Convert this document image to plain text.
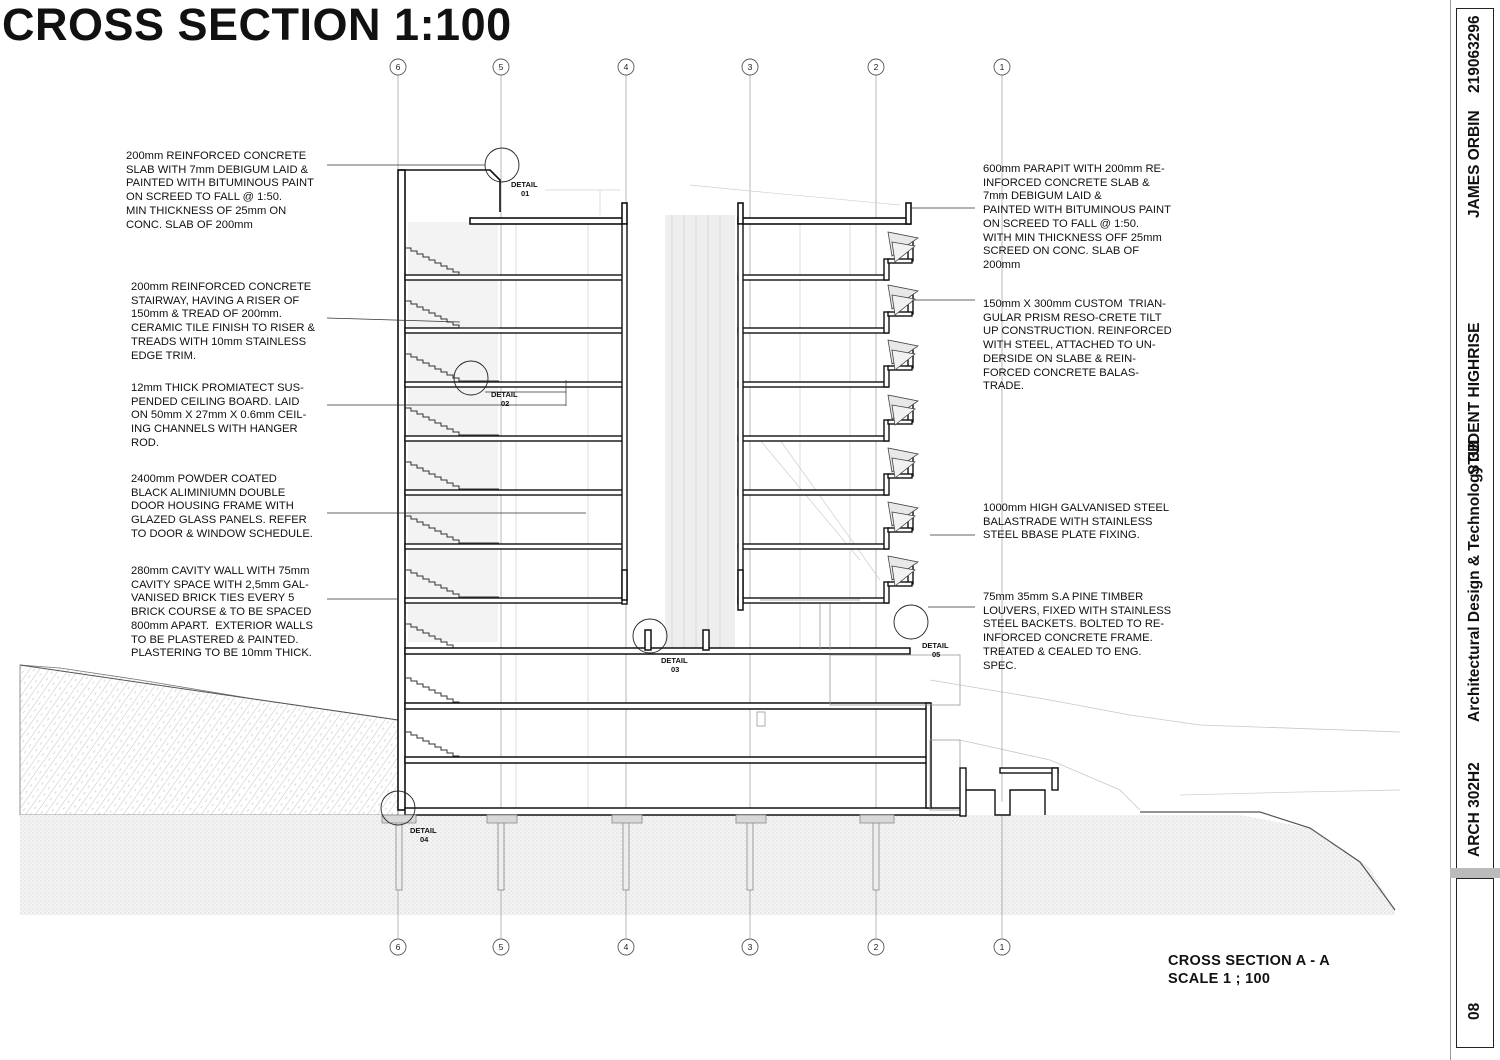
CROSS SECTION 1:100
6	5	4	3	2	1
6	5	4	3	2	1
DETAIL
01
DETAIL
02
DETAIL
03
DETAIL
04
DETAIL
05

200mm REINFORCED CONCRETE
SLAB WITH 7mm DEBIGUM LAID &
PAINTED WITH BITUMINOUS PAINT
ON SCREED TO FALL @ 1:50.
MIN THICKNESS OF 25mm ON
CONC. SLAB OF 200mm

200mm REINFORCED CONCRETE
STAIRWAY, HAVING A RISER OF
150mm & TREAD OF 200mm.
CERAMIC TILE FINISH TO RISER &
TREADS WITH 10mm STAINLESS
EDGE TRIM.

12mm THICK PROMIATECT SUS-
PENDED CEILING BOARD. LAID
ON 50mm X 27mm X 0.6mm CEIL-
ING CHANNELS WITH HANGER
ROD.

2400mm POWDER COATED
BLACK ALIMINIUMN DOUBLE
DOOR HOUSING FRAME WITH
GLAZED GLASS PANELS. REFER
TO DOOR & WINDOW SCHEDULE.

280mm CAVITY WALL WITH 75mm
CAVITY SPACE WITH 2,5mm GAL-
VANISED BRICK TIES EVERY 5
BRICK COURSE & TO BE SPACED
800mm APART.  EXTERIOR WALLS
TO BE PLASTERED & PAINTED.
PLASTERING TO BE 10mm THICK.

600mm PARAPIT WITH 200mm RE-
INFORCED CONCRETE SLAB &
7mm DEBIGUM LAID &
PAINTED WITH BITUMINOUS PAINT
ON SCREED TO FALL @ 1:50.
WITH MIN THICKNESS OFF 25mm
SCREED ON CONC. SLAB OF
200mm

150mm X 300mm CUSTOM  TRIAN-
GULAR PRISM RESO-CRETE TILT
UP CONSTRUCTION. REINFORCED
WITH STEEL, ATTACHED TO UN-
DERSIDE ON SLABE & REIN-
FORCED CONCRETE BALAS-
TRADE.

1000mm HIGH GALVANISED STEEL
BALASTRADE WITH STAINLESS
STEEL BBASE PLATE FIXING.

75mm 35mm S.A PINE TIMBER
LOUVERS, FIXED WITH STAINLESS
STEEL BACKETS. BOLTED TO RE-
INFORCED CONCRETE FRAME.
TREATED & CEALED TO ENG.
SPEC.

CROSS SECTION A - A
SCALE 1 ; 100
219063296
JAMES ORBIN
STUDENT HIGHRISE
Architectural Design & Technology 3B
ARCH 302H2
08
